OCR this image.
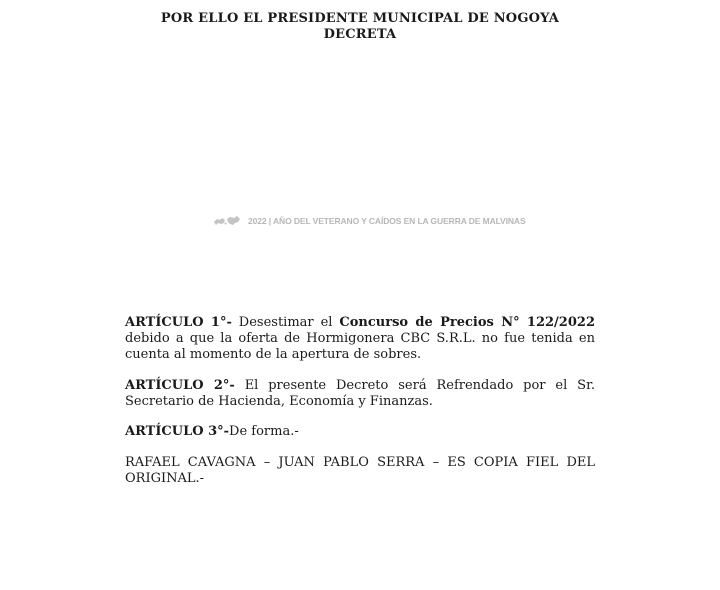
POR ELLO EL PRESIDENTE MUNICIPAL DE NOGOYA
DECRETA
2022 | AÑO DEL VETERANO Y CAÍDOS EN LA GUERRA DE MALVINAS
ARTÍCULO 1°- Desestimar el Concurso de Precios N° 122/2022
debido a que la oferta de Hormigonera CBC S.R.L. no fue tenida en
cuenta al momento de la apertura de sobres.
ARTÍCULO 2°- El presente Decreto será Refrendado por el Sr.
Secretario de Hacienda, Economía y Finanzas.
ARTÍCULO 3°-De forma.-
RAFAEL CAVAGNA – JUAN PABLO SERRA – ES COPIA FIEL DEL
ORIGINAL.-
